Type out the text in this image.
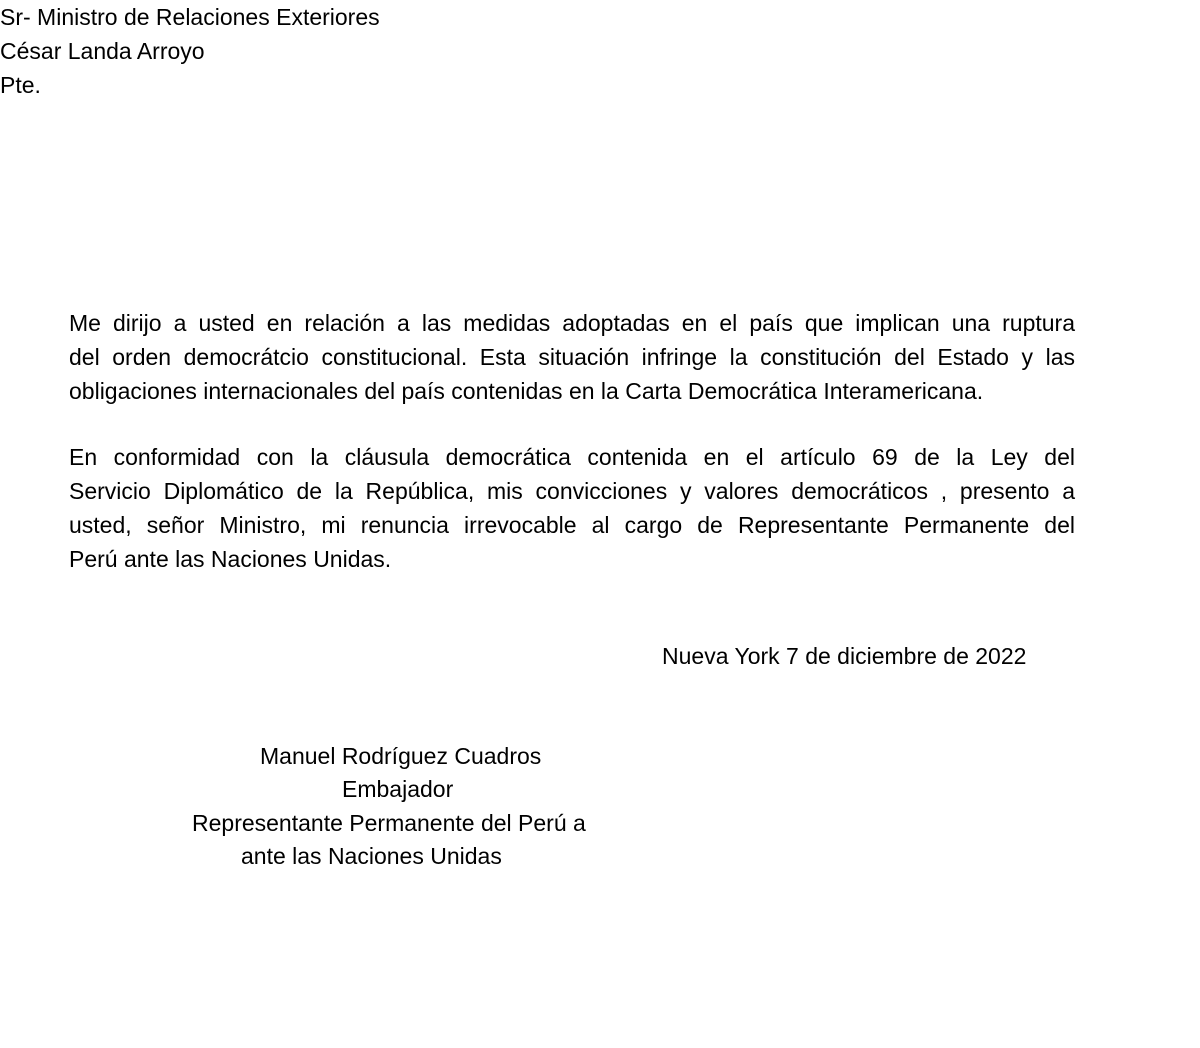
Sr- Ministro de Relaciones Exteriores
César Landa Arroyo
Pte.

Me dirijo a usted en relación a las medidas adoptadas en el país que implican una ruptura
del orden democrátcio constitucional. Esta situación infringe la constitución del Estado y las
obligaciones internacionales del país contenidas en la Carta Democrática Interamericana.

En conformidad con la cláusula democrática contenida en el artículo 69 de la Ley del
Servicio Diplomático de la República, mis convicciones y valores democráticos , presento a
usted, señor Ministro, mi renuncia irrevocable al cargo de Representante Permanente del
Perú ante las Naciones Unidas.

Nueva York 7 de diciembre de 2022
Manuel Rodríguez Cuadros
Embajador
Representante Permanente del Perú a
ante las Naciones Unidas
